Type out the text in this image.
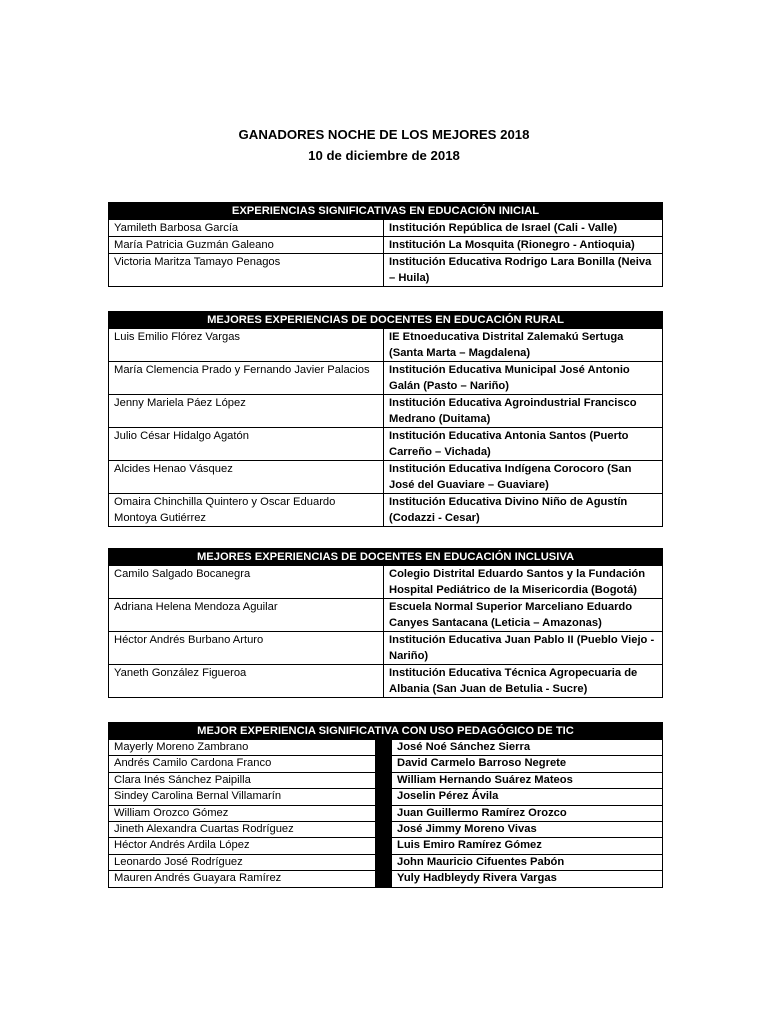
GANADORES NOCHE DE LOS MEJORES 2018
10 de diciembre de 2018
EXPERIENCIAS SIGNIFICATIVAS EN EDUCACIÓN INICIAL	
Yamileth Barbosa García	Institución República de Israel (Cali - Valle)
María Patricia Guzmán Galeano	Institución La Mosquita (Rionegro - Antioquia)
Victoria Maritza Tamayo Penagos	Institución Educativa Rodrigo Lara Bonilla (Neiva – Huila)
MEJORES EXPERIENCIAS DE DOCENTES EN EDUCACIÓN RURAL	
Luis Emilio Flórez Vargas	IE Etnoeducativa Distrital Zalemakú Sertuga (Santa Marta – Magdalena)
María Clemencia Prado y Fernando Javier Palacios	Institución Educativa Municipal José Antonio Galán (Pasto – Nariño)
Jenny Mariela Páez López	Institución Educativa Agroindustrial Francisco Medrano (Duitama)
Julio César Hidalgo Agatón	Institución Educativa Antonia Santos (Puerto Carreño – Vichada)
Alcides Henao Vásquez	Institución Educativa Indígena Corocoro (San José del Guaviare – Guaviare)
Omaira Chinchilla Quintero y Oscar Eduardo Montoya Gutiérrez	Institución Educativa Divino Niño de Agustín (Codazzi - Cesar)
MEJORES EXPERIENCIAS DE DOCENTES EN EDUCACIÓN INCLUSIVA	
Camilo Salgado Bocanegra	Colegio Distrital Eduardo Santos y la Fundación Hospital Pediátrico de la Misericordia (Bogotá)
Adriana Helena Mendoza Aguilar	Escuela Normal Superior Marceliano Eduardo Canyes Santacana (Leticia – Amazonas)
Héctor Andrés Burbano Arturo	Institución Educativa Juan Pablo II (Pueblo Viejo - Nariño)
Yaneth González Figueroa	Institución Educativa Técnica Agropecuaria de Albania (San Juan de Betulia - Sucre)
MEJOR EXPERIENCIA SIGNIFICATIVA CON USO PEDAGÓGICO DE TIC		
Mayerly Moreno Zambrano		José Noé Sánchez Sierra
Andrés Camilo Cardona Franco		David Carmelo Barroso Negrete
Clara Inés Sánchez Paipilla		William Hernando Suárez Mateos
Sindey Carolina Bernal Villamarín		Joselin Pérez Ávila
William Orozco Gómez		Juan Guillermo Ramírez Orozco
Jineth Alexandra Cuartas Rodríguez		José Jimmy Moreno Vivas
Héctor Andrés Ardila López		Luis Emiro Ramírez Gómez
Leonardo José Rodríguez		John Mauricio Cifuentes Pabón
Mauren Andrés Guayara Ramírez		Yuly Hadbleydy Rivera Vargas
